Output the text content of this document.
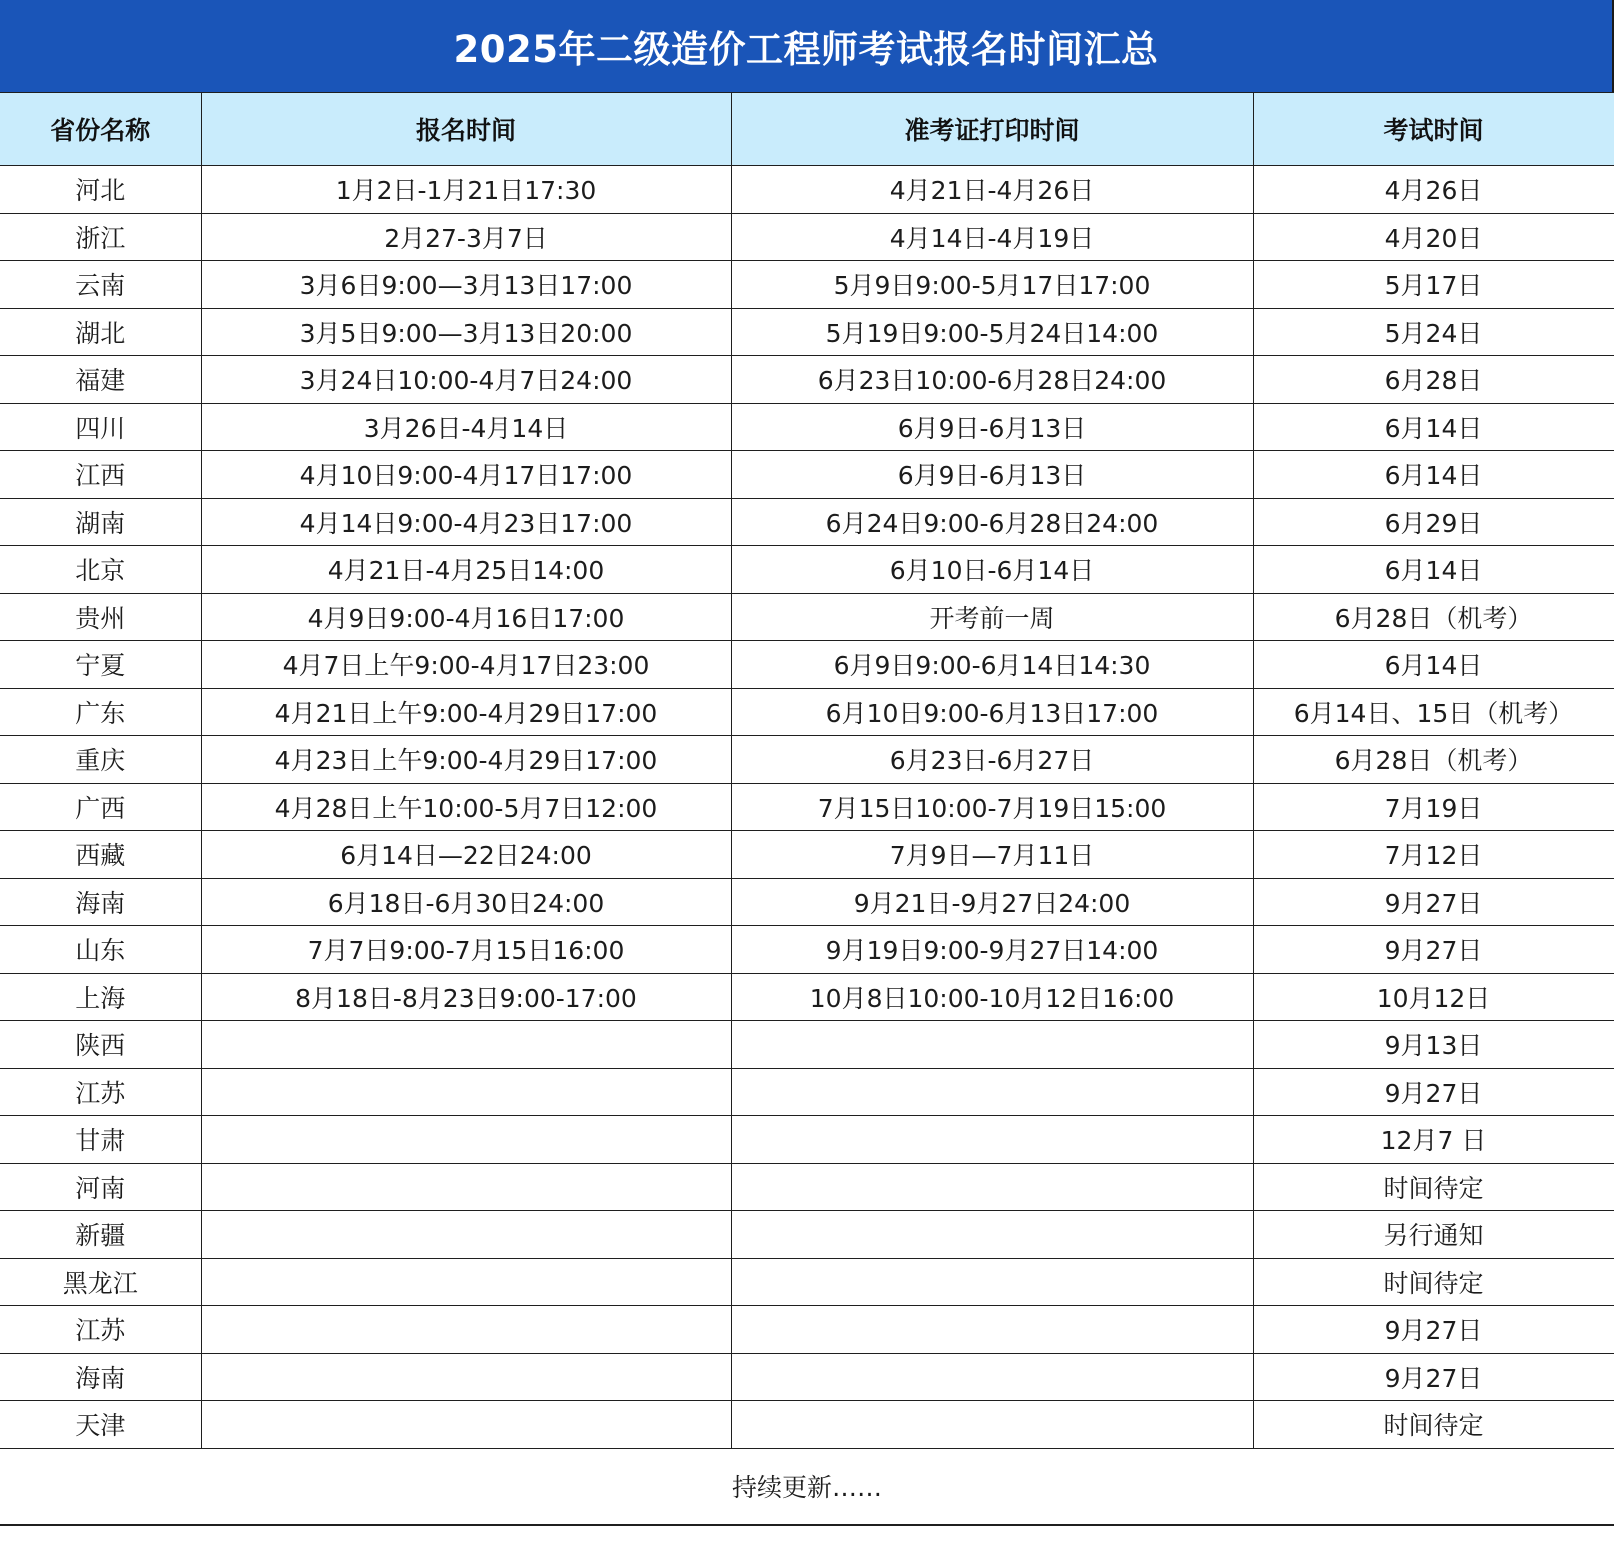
2025年二级造价工程师考试报名时间汇总
省份名称	报名时间	准考证打印时间	考试时间
河北	1月2日-1月21日17:30	4月21日-4月26日	4月26日
浙江	2月27-3月7日	4月14日-4月19日	4月20日
云南	3月6日9:00—3月13日17:00	5月9日9:00-5月17日17:00	5月17日
湖北	3月5日9:00—3月13日20:00	5月19日9:00-5月24日14:00	5月24日
福建	3月24日10:00-4月7日24:00	6月23日10:00-6月28日24:00	6月28日
四川	3月26日-4月14日	6月9日-6月13日	6月14日
江西	4月10日9:00-4月17日17:00	6月9日-6月13日	6月14日
湖南	4月14日9:00-4月23日17:00	6月24日9:00-6月28日24:00	6月29日
北京	4月21日-4月25日14:00	6月10日-6月14日	6月14日
贵州	4月9日9:00-4月16日17:00	开考前一周	6月28日（机考）
宁夏	4月7日上午9:00-4月17日23:00	6月9日9:00-6月14日14:30	6月14日
广东	4月21日上午9:00-4月29日17:00	6月10日9:00-6月13日17:00	6月14日、15日（机考）
重庆	4月23日上午9:00-4月29日17:00	6月23日-6月27日	6月28日（机考）
广西	4月28日上午10:00-5月7日12:00	7月15日10:00-7月19日15:00	7月19日
西藏	6月14日—22日24:00	7月9日—7月11日	7月12日
海南	6月18日-6月30日24:00	9月21日-9月27日24:00	9月27日
山东	7月7日9:00-7月15日16:00	9月19日9:00-9月27日14:00	9月27日
上海	8月18日-8月23日9:00-17:00	10月8日10:00-10月12日16:00	10月12日
陕西			9月13日
江苏			9月27日
甘肃			12月7 日
河南			时间待定
新疆			另行通知
黑龙江			时间待定
江苏			9月27日
海南			9月27日
天津			时间待定
持续更新……
